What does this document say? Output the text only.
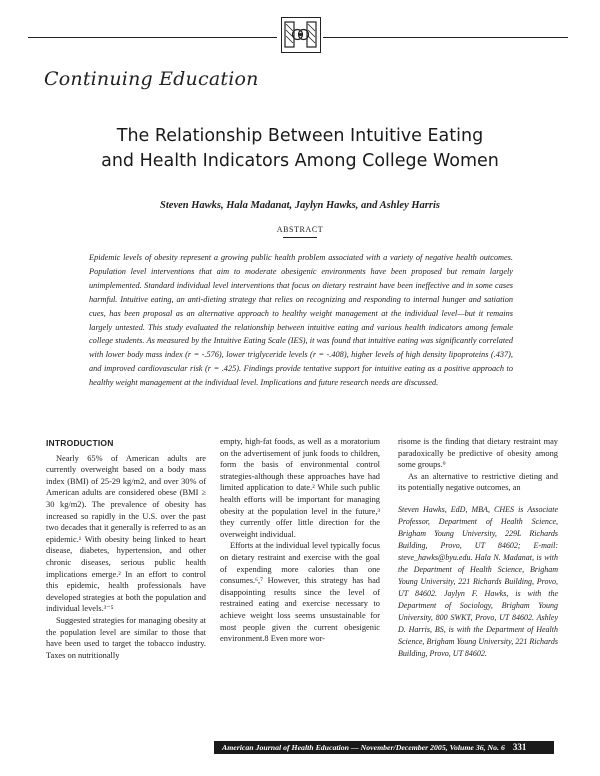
Continuing Education
The Relationship Between Intuitive Eating
and Health Indicators Among College Women
Steven Hawks, Hala Madanat, Jaylyn Hawks, and Ashley Harris
ABSTRACT

Epidemic levels of obesity represent a growing public health problem associated with a variety of negative health outcomes. Population level interventions that aim to moderate obesigenic environments have been proposed but remain largely unimplemented. Standard individual level interventions that focus on dietary restraint have been ineffective and in some cases harmful. Intuitive eating, an anti-dieting strategy that relies on recognizing and responding to internal hunger and satiation cues, has been proposal as an alternative approach to healthy weight management at the individual level—but it remains largely untested. This study evaluated the relationship between intuitive eating and various health indicators among female college students. As measured by the Intuitive Eating Scale (IES), it was found that intuitive eating was significantly correlated with lower body mass index (r = -.576), lower triglyceride levels (r = -.408), higher levels of high density lipoproteins (.437), and improved cardiovascular risk (r = .425). Findings provide tentative support for intuitive eating as a positive approach to healthy weight management at the individual level. Implications and future research needs are discussed.

INTRODUCTION

Nearly 65% of American adults are currently overweight based on a body mass index (BMI) of 25-29 kg/m2, and over 30% of American adults are considered obese (BMI ≥ 30 kg/m2). The prevalence of obesity has increased so rapidly in the U.S. over the past two decades that it generally is referred to as an epidemic.¹ With obesity being linked to heart disease, diabetes, hypertension, and other chronic diseases, serious public health implications emerge.² In an effort to control this epidemic, health professionals have developed strategies at both the population and individual levels.³⁻⁵

Suggested strategies for managing obesity at the population level are similar to those that have been used to target the tobacco industry. Taxes on nutritionally

empty, high-fat foods, as well as a moratorium on the advertisement of junk foods to children, form the basis of environmental control strategies-although these approaches have had limited application to date.² While such public health efforts will be important for managing obesity at the population level in the future,³ they currently offer little direction for the overweight individual.

Efforts at the individual level typically focus on dietary restraint and exercise with the goal of expending more calories than one consumes.⁶,⁷ However, this strategy has had disappointing results since the level of restrained eating and exercise necessary to achieve weight loss seems unsustainable for most people given the current obesigenic environment.8 Even more wor-

risome is the finding that dietary restraint may paradoxically be predictive of obesity among some groups.⁹

As an alternative to restrictive dieting and its potentially negative outcomes, an

Steven Hawks, EdD, MBA, CHES is Associate Professor, Department of Health Science, Brigham Young University, 229L Richards Building, Provo, UT 84602; E-mail: steve_hawks@byu.edu. Hala N. Madanat, is with the Department of Health Science, Brigham Young University, 221 Richards Building, Provo, UT 84602. Jaylyn F. Hawks, is with the Department of Sociology, Brigham Young University, 800 SWKT, Provo, UT 84602. Ashley D. Harris, BS, is with the Department of Health Science, Brigham Young University, 221 Richards Building, Provo, UT 84602.

American Journal of Health Education — November/December 2005, Volume 36, No. 6 331
